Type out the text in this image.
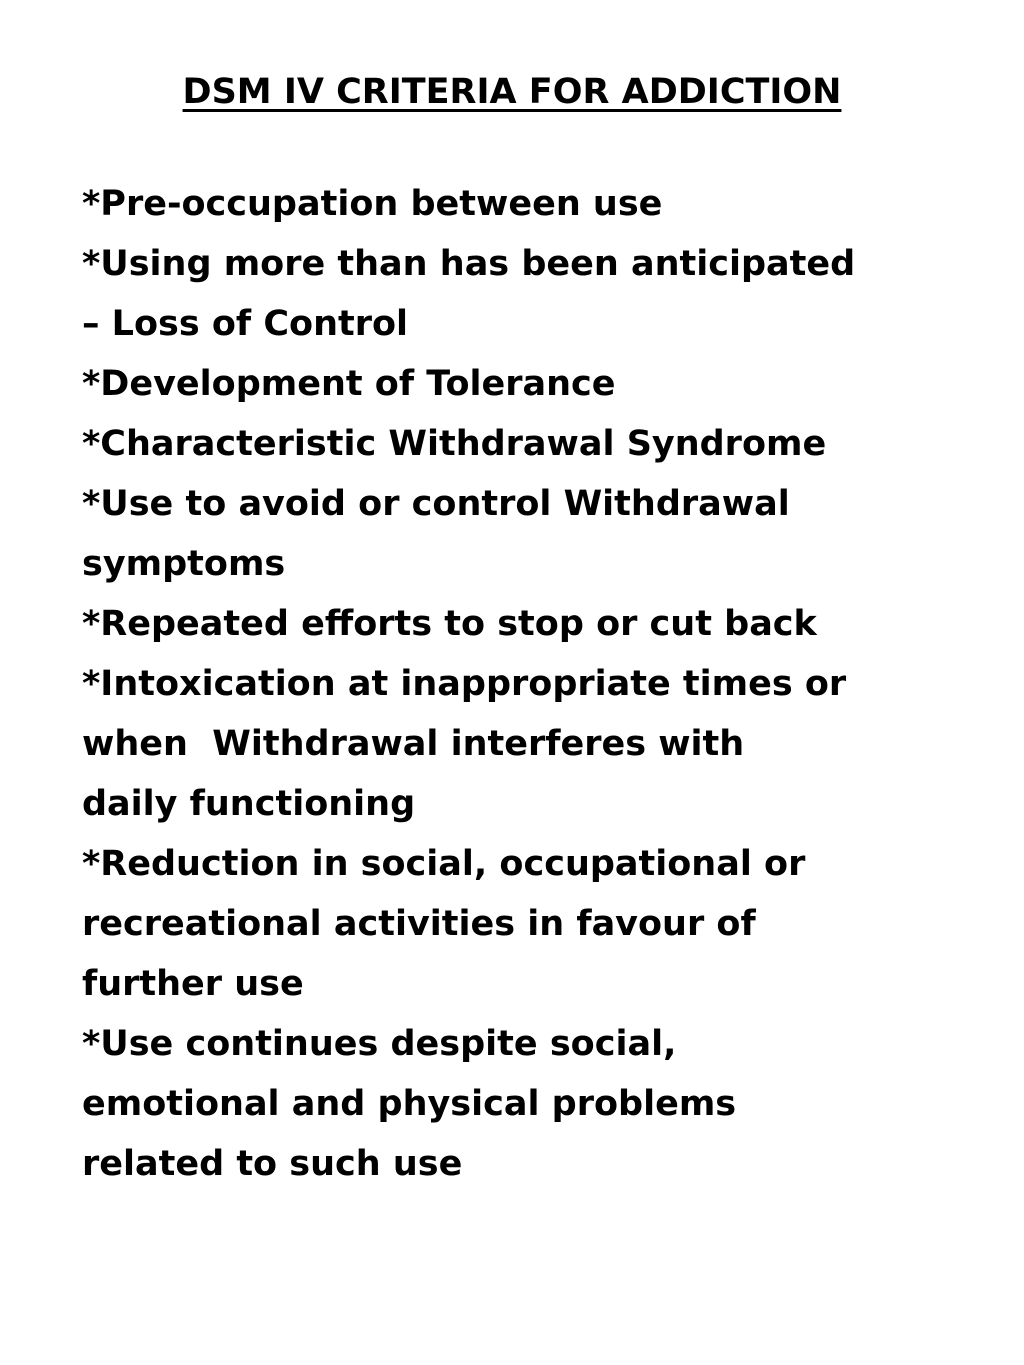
DSM IV CRITERIA FOR ADDICTION
*Pre-occupation between use
*Using more than has been anticipated
– Loss of Control
*Development of Tolerance
*Characteristic Withdrawal Syndrome
*Use to avoid or control Withdrawal
symptoms
*Repeated efforts to stop or cut back
*Intoxication at inappropriate times or
when  Withdrawal interferes with
daily functioning
*Reduction in social, occupational or
recreational activities in favour of
further use
*Use continues despite social,
emotional and physical problems
related to such use
